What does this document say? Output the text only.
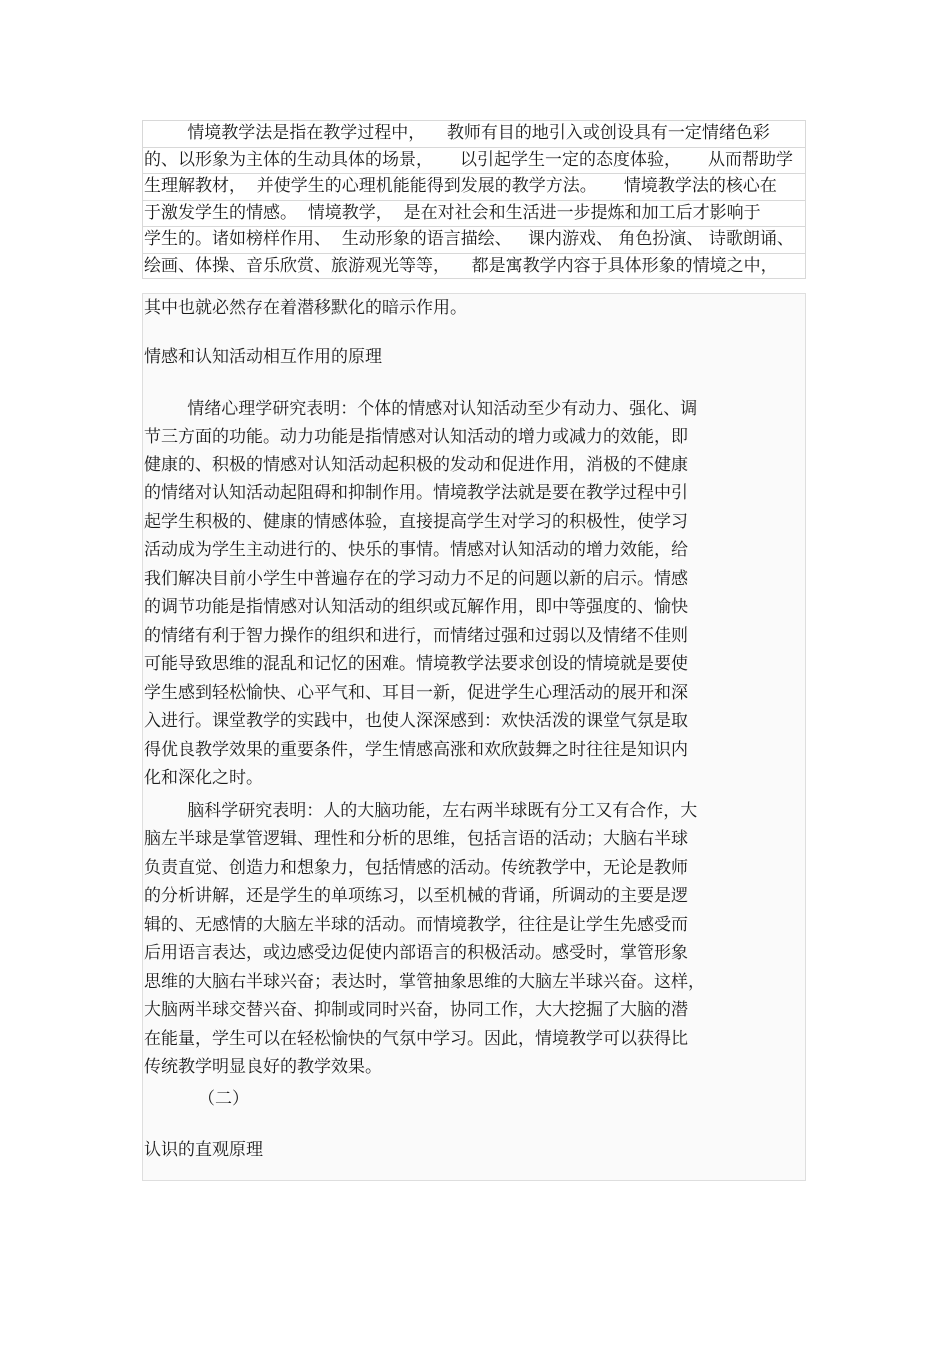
情境教学法是指在教学过程中，    教师有目的地引入或创设具有一定情绪色彩
的、以形象为主体的生动具体的场景，     以引起学生一定的态度体验，     从而帮助学
生理解教材，  并使学生的心理机能能得到发展的教学方法。     情境教学法的核心在
于激发学生的情感。  情境教学，  是在对社会和生活进一步提炼和加工后才影响于
学生的。诸如榜样作用、  生动形象的语言描绘、   课内游戏、 角色扮演、 诗歌朗诵、
绘画、体操、音乐欣赏、旅游观光等等，    都是寓教学内容于具体形象的情境之中，
其中也就必然存在着潜移默化的暗示作用。
情感和认知活动相互作用的原理
情绪心理学研究表明：个体的情感对认知活动至少有动力、强化、调
节三方面的功能。动力功能是指情感对认知活动的增力或减力的效能，即
健康的、积极的情感对认知活动起积极的发动和促进作用，消极的不健康
的情绪对认知活动起阻碍和抑制作用。情境教学法就是要在教学过程中引
起学生积极的、健康的情感体验，直接提高学生对学习的积极性，使学习
活动成为学生主动进行的、快乐的事情。情感对认知活动的增力效能，给
我们解决目前小学生中普遍存在的学习动力不足的问题以新的启示。情感
的调节功能是指情感对认知活动的组织或瓦解作用，即中等强度的、愉快
的情绪有利于智力操作的组织和进行，而情绪过强和过弱以及情绪不佳则
可能导致思维的混乱和记忆的困难。情境教学法要求创设的情境就是要使
学生感到轻松愉快、心平气和、耳目一新，促进学生心理活动的展开和深
入进行。课堂教学的实践中，也使人深深感到：欢快活泼的课堂气氛是取
得优良教学效果的重要条件，学生情感高涨和欢欣鼓舞之时往往是知识内
化和深化之时。
脑科学研究表明：人的大脑功能，左右两半球既有分工又有合作，大
脑左半球是掌管逻辑、理性和分析的思维，包括言语的活动；大脑右半球
负责直觉、创造力和想象力，包括情感的活动。传统教学中，无论是教师
的分析讲解，还是学生的单项练习，以至机械的背诵，所调动的主要是逻
辑的、无感情的大脑左半球的活动。而情境教学，往往是让学生先感受而
后用语言表达，或边感受边促使内部语言的积极活动。感受时，掌管形象
思维的大脑右半球兴奋；表达时，掌管抽象思维的大脑左半球兴奋。这样，
大脑两半球交替兴奋、抑制或同时兴奋，协同工作，大大挖掘了大脑的潜
在能量，学生可以在轻松愉快的气氛中学习。因此，情境教学可以获得比
传统教学明显良好的教学效果。
（二）
认识的直观原理
